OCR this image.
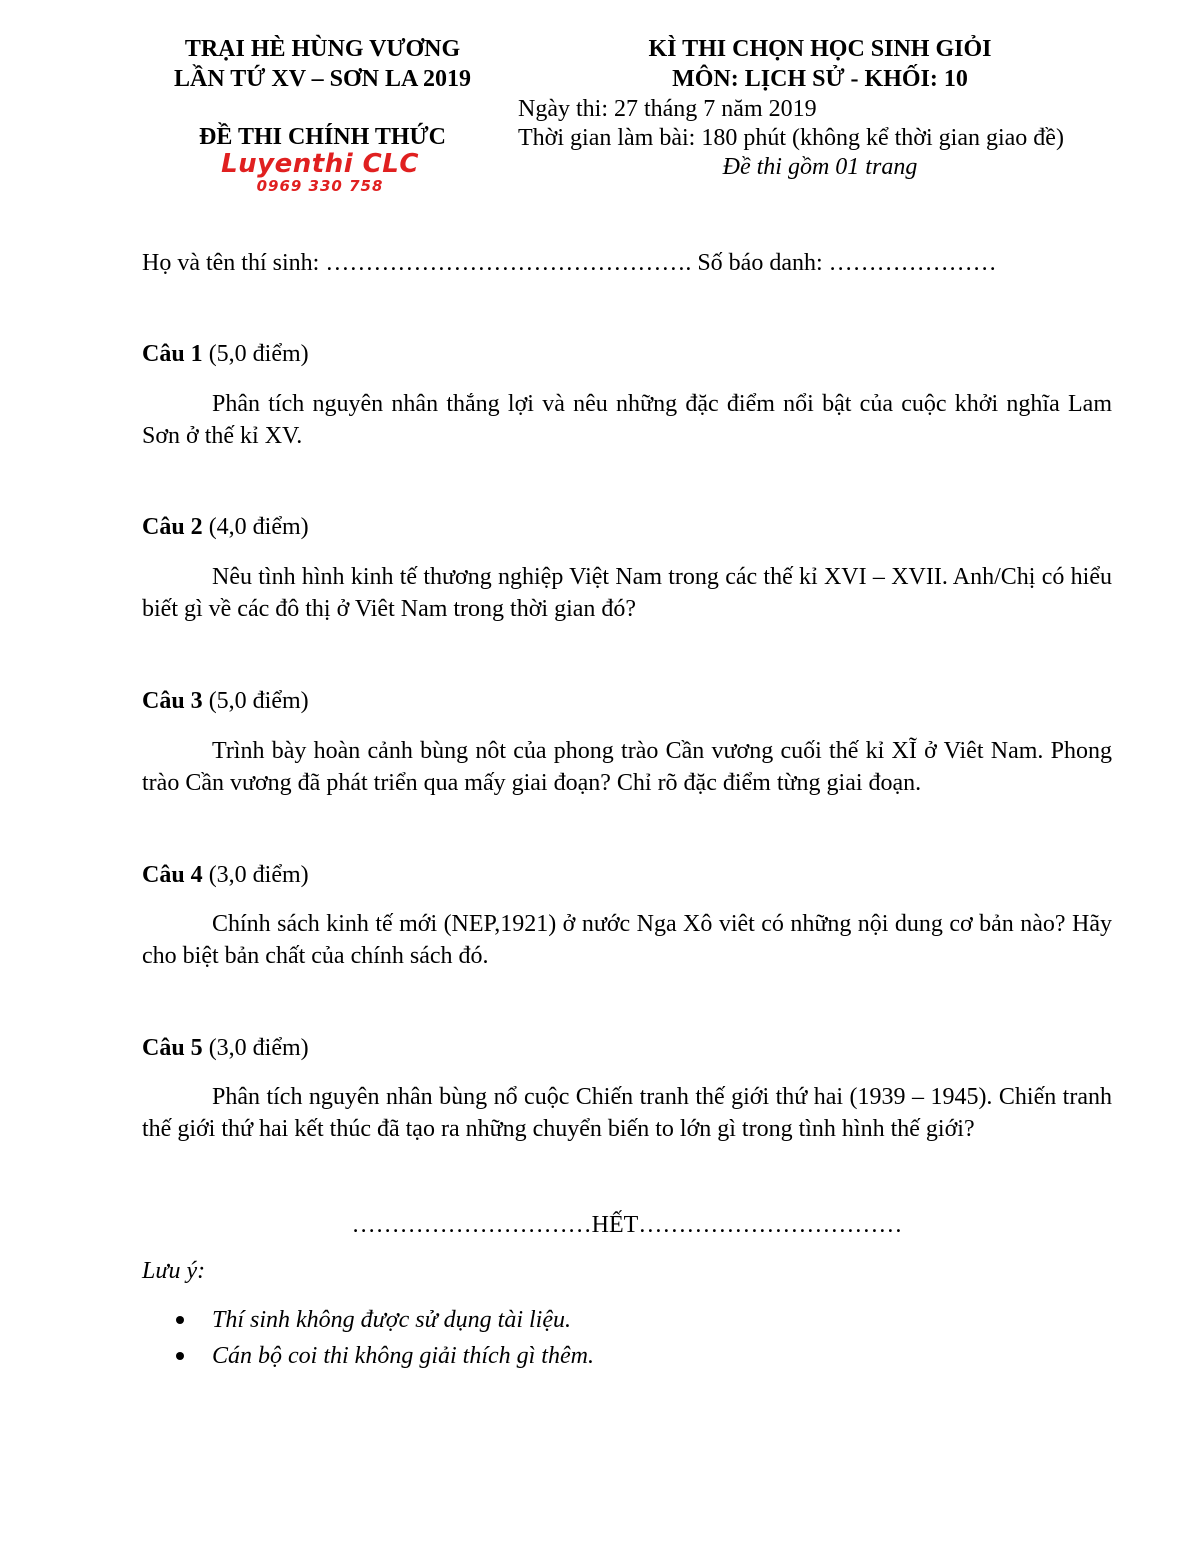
TRẠI HÈ HÙNG VƯƠNG
LẦN TỨ XV – SƠN LA 2019
ĐỀ THI CHÍNH THỨC
Luyenthi CLC
0969 330 758
KÌ THI CHỌN HỌC SINH GIỎI
MÔN: LỊCH SỬ - KHỐI: 10
Ngày thi: 27 tháng 7 năm 2019
Thời gian làm bài: 180 phút (không kể thời gian giao đề)
Đề thi gồm 01 trang
Họ và tên thí sinh: ………………………………………. Số báo danh: …………………
Câu 1 (5,0 điểm)
Phân tích nguyên nhân thắng lợi và nêu những đặc điểm nổi bật của cuộc khởi nghĩa Lam Sơn ở thế kỉ XV.
Câu 2 (4,0 điểm)
Nêu tình hình kinh tế thương nghiệp Việt Nam trong các thế kỉ XVI – XVII. Anh/Chị có hiểu biết gì về các đô thị ở Viêt Nam trong thời gian đó?
Câu 3 (5,0 điểm)
Trình bày hoàn cảnh bùng nôt của phong trào Cần vương cuối thế kỉ XĨ ở Viêt Nam. Phong trào Cần vương đã phát triển qua mấy giai đoạn? Chỉ rõ đặc điểm từng giai đoạn.
Câu 4 (3,0 điểm)
Chính sách kinh tế mới (NEP,1921) ở nước Nga Xô viêt có những nội dung cơ bản nào? Hãy cho biệt bản chất của chính sách đó.
Câu 5 (3,0 điểm)
Phân tích nguyên nhân bùng nổ cuộc Chiến tranh thế giới thứ hai (1939 – 1945). Chiến tranh thế giới thứ hai kết thúc đã tạo ra những chuyển biến to lớn gì trong tình hình thế giới?
…………………………HẾT……………………………
Lưu ý:
Thí sinh không được sử dụng tài liệu.
Cán bộ coi thi không giải thích gì thêm.
